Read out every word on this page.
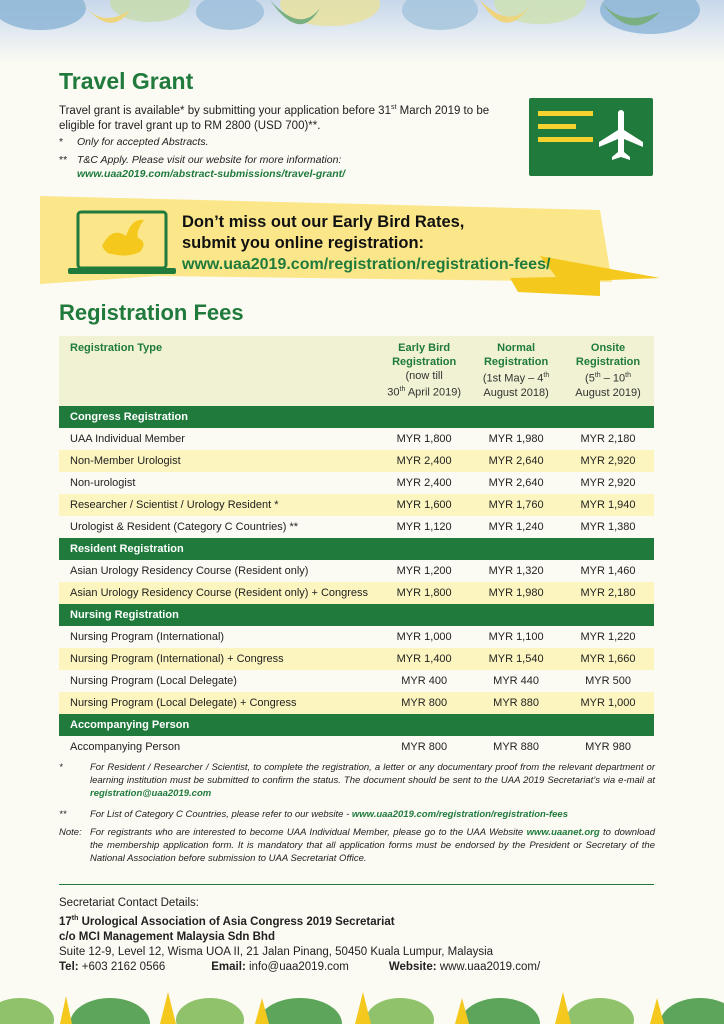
Travel Grant
Travel grant is available* by submitting your application before 31st March 2019 to be eligible for travel grant up to RM 2800 (USD 700)**.
* Only for accepted Abstracts.
** T&C Apply. Please visit our website for more information:
www.uaa2019.com/abstract-submissions/travel-grant/
Don’t miss out our Early Bird Rates,
submit you online registration:
www.uaa2019.com/registration/registration-fees/
Registration Fees
Registration Type	Early Bird Registration
(now till
30th April 2019)	Normal Registration
(1st May – 4th
August 2018)	Onsite Registration
(5th – 10th
August 2019)

Congress Registration			
UAA Individual Member	MYR 1,800	MYR 1,980	MYR 2,180
Non-Member Urologist	MYR 2,400	MYR 2,640	MYR 2,920
Non-urologist	MYR 2,400	MYR 2,640	MYR 2,920
Researcher / Scientist / Urology Resident *	MYR 1,600	MYR 1,760	MYR 1,940
Urologist & Resident (Category C Countries) **	MYR 1,120	MYR 1,240	MYR 1,380
Resident Registration			
Asian Urology Residency Course (Resident only)	MYR 1,200	MYR 1,320	MYR 1,460
Asian Urology Residency Course (Resident only) + Congress	MYR 1,800	MYR 1,980	MYR 2,180
Nursing Registration			
Nursing Program (International)	MYR 1,000	MYR 1,100	MYR 1,220
Nursing Program (International) + Congress	MYR 1,400	MYR 1,540	MYR 1,660
Nursing Program (Local Delegate)	MYR 400	MYR 440	MYR 500
Nursing Program (Local Delegate) + Congress	MYR 800	MYR 880	MYR 1,000
Accompanying Person			
Accompanying Person	MYR 800	MYR 880	MYR 980
*	For Resident / Researcher / Scientist, to complete the registration, a letter or any documentary proof from the relevant department or learning institution must be submitted to confirm the status. The document should be sent to the UAA 2019 Secretariat’s via e-mail at registration@uaa2019.com
** For List of Category C Countries, please refer to our website - www.uaa2019.com/registration/registration-fees
Note: For registrants who are interested to become UAA Individual Member, please go to the UAA Website www.uaanet.org to download the membership application form. It is mandatory that all application forms must be endorsed by the President or Secretary of the National Association before submission to UAA Secretariat Office.
Secretariat Contact Details:
17th Urological Association of Asia Congress 2019 Secretariat
c/o MCI Management Malaysia Sdn Bhd
Suite 12-9, Level 12, Wisma UOA II, 21 Jalan Pinang, 50450 Kuala Lumpur, Malaysia
Tel: +603 2162 0566	Email: info@uaa2019.com	Website: www.uaa2019.com/
